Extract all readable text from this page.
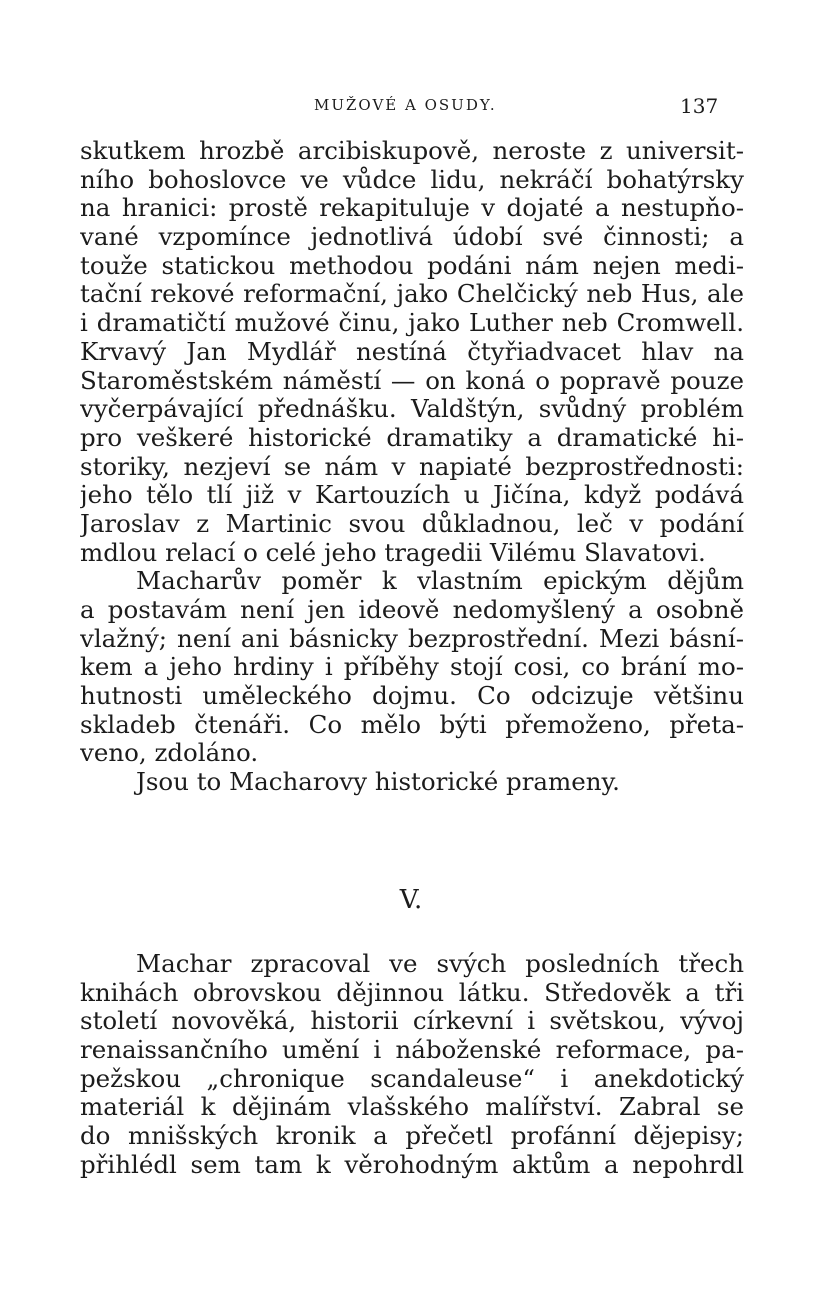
MUŽOVÉ A OSUDY.	137
skutkem hrozbě arcibiskupově, neroste z universit-
ního bohoslovce ve vůdce lidu, nekráčí bohatýrsky
na hranici: prostě rekapituluje v dojaté a nestupňo-
vané vzpomínce jednotlivá údobí své činnosti; a
touže statickou methodou podáni nám nejen medi-
tační rekové reformační, jako Chelčický neb Hus, ale
i dramatičtí mužové činu, jako Luther neb Cromwell.
Krvavý Jan Mydlář nestíná čtyřiadvacet hlav na
Staroměstském náměstí — on koná o popravě pouze
vyčerpávající přednášku. Valdštýn, svůdný problém
pro veškeré historické dramatiky a dramatické hi-
storiky, nezjeví se nám v napiaté bezprostřednosti:
jeho tělo tlí již v Kartouzích u Jičína, když podává
Jaroslav z Martinic svou důkladnou, leč v podání
mdlou relací o celé jeho tragedii Vilému Slavatovi.
Macharův poměr k vlastním epickým dějům
a postavám není jen ideově nedomyšlený a osobně
vlažný; není ani básnicky bezprostřední. Mezi básní-
kem a jeho hrdiny i příběhy stojí cosi, co brání mo-
hutnosti uměleckého dojmu. Co odcizuje většinu
skladeb čtenáři. Co mělo býti přemoženo, přeta-
veno, zdoláno.
Jsou to Macharovy historické prameny.
V.
Machar zpracoval ve svých posledních třech
knihách obrovskou dějinnou látku. Středověk a tři
století novověká, historii církevní i světskou, vývoj
renaissančního umění i náboženské reformace, pa-
pežskou „chronique scandaleuse“ i anekdotický
materiál k dějinám vlašského malířství. Zabral se
do mnišských kronik a přečetl profánní dějepisy;
přihlédl sem tam k věrohodným aktům a nepohrdl
